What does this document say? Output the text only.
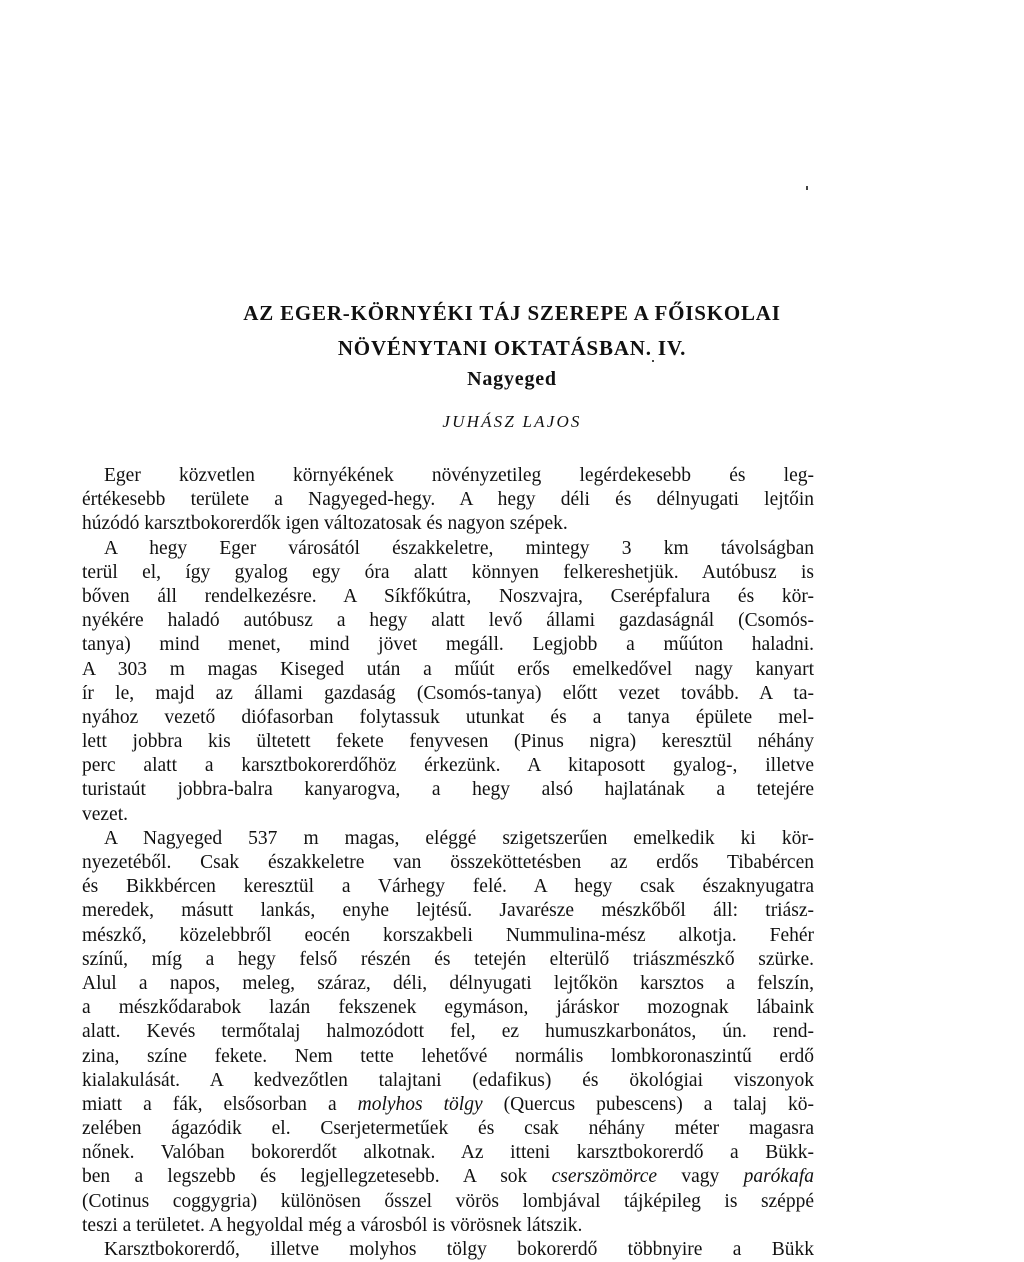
AZ EGER-KÖRNYÉKI TÁJ SZEREPE A FŐISKOLAI
NÖVÉNYTANI OKTATÁSBAN. IV.
Nagyeged

JUHÁSZ LAJOS

Eger közvetlen környékének növényzetileg legérdekesebb és leg-
értékesebb területe a Nagyeged-hegy. A hegy déli és délnyugati lejtőin
húzódó karsztbokorerdők igen változatosak és nagyon szépek.
A hegy Eger városától északkeletre, mintegy 3 km távolságban
terül el, így gyalog egy óra alatt könnyen felkereshetjük. Autóbusz is
bőven áll rendelkezésre. A Síkfőkútra, Noszvajra, Cserépfalura és kör-
nyékére haladó autóbusz a hegy alatt levő állami gazdaságnál (Csomós-
tanya) mind menet, mind jövet megáll. Legjobb a műúton haladni.
A 303 m magas Kiseged után a műút erős emelkedővel nagy kanyart
ír le, majd az állami gazdaság (Csomós-tanya) előtt vezet tovább. A ta-
nyához vezető diófasorban folytassuk utunkat és a tanya épülete mel-
lett jobbra kis ültetett fekete fenyvesen (Pinus nigra) keresztül néhány
perc alatt a karsztbokorerdőhöz érkezünk. A kitaposott gyalog-, illetve
turistaút jobbra-balra kanyarogva, a hegy alsó hajlatának a tetejére
vezet.
A Nagyeged 537 m magas, eléggé szigetszerűen emelkedik ki kör-
nyezetéből. Csak északkeletre van összeköttetésben az erdős Tibabércen
és Bikkbércen keresztül a Várhegy felé. A hegy csak északnyugatra
meredek, másutt lankás, enyhe lejtésű. Javarésze mészkőből áll: triász-
mészkő, közelebbről eocén korszakbeli Nummulina-mész alkotja. Fehér
színű, míg a hegy felső részén és tetején elterülő triászmészkő szürke.
Alul a napos, meleg, száraz, déli, délnyugati lejtőkön karsztos a felszín,
a mészkődarabok lazán fekszenek egymáson, járáskor mozognak lábaink
alatt. Kevés termőtalaj halmozódott fel, ez humuszkarbonátos, ún. rend-
zina, színe fekete. Nem tette lehetővé normális lombkoronaszintű erdő
kialakulását. A kedvezőtlen talajtani (edafikus) és ökológiai viszonyok
miatt a fák, elsősorban a molyhos tölgy (Quercus pubescens) a talaj kö-
zelében ágazódik el. Cserjetermetűek és csak néhány méter magasra
nőnek. Valóban bokorerdőt alkotnak. Az itteni karsztbokorerdő a Bükk-
ben a legszebb és legjellegzetesebb. A sok cserszömörce vagy parókafa
(Cotinus coggygria) különösen ősszel vörös lombjával tájképileg is széppé
teszi a területet. A hegyoldal még a városból is vörösnek látszik.
Karsztbokorerdő, illetve molyhos tölgy bokorerdő többnyire a Bükk
